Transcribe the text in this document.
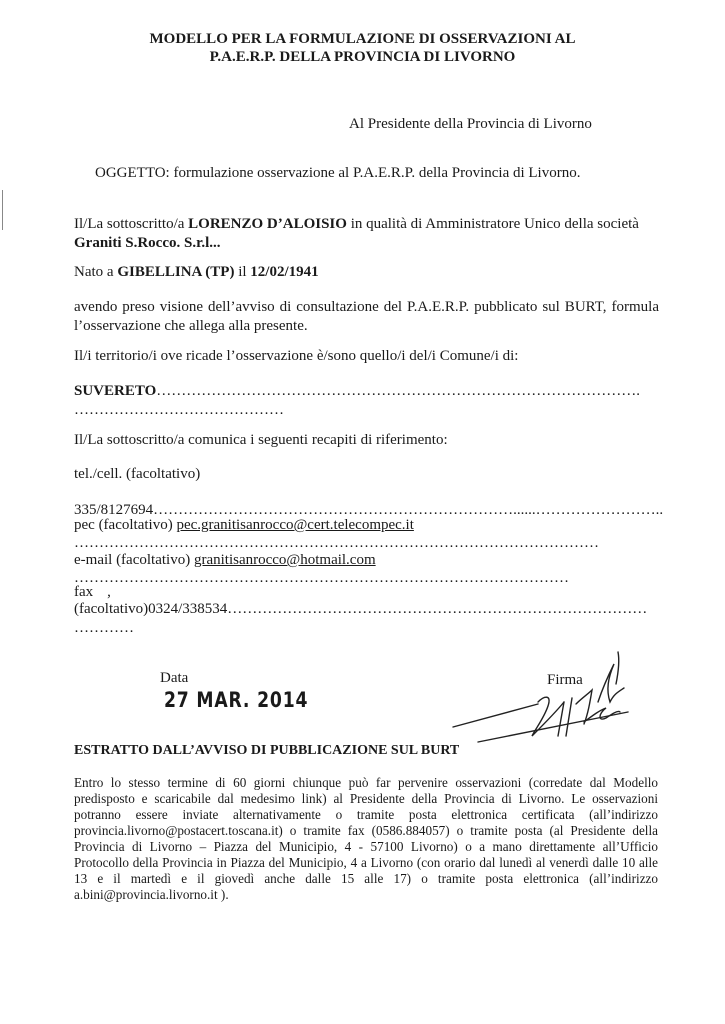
MODELLO PER LA FORMULAZIONE DI OSSERVAZIONI AL
P.A.E.R.P. DELLA PROVINCIA DI LIVORNO
Al Presidente della Provincia di Livorno
OGGETTO: formulazione osservazione al P.A.E.R.P. della Provincia di Livorno.
Il/La sottoscritto/a LORENZO D’ALOISIO in qualità di Amministratore Unico della società
Graniti S.Rocco. S.r.l...
Nato a GIBELLINA (TP) il 12/02/1941
avendo preso visione dell’avviso di consultazione del P.A.E.R.P. pubblicato sul BURT, formula
l’osservazione che allega alla presente.
Il/i territorio/i ove ricade l’osservazione è/sono quello/i del/i Comune/i di:
SUVERETO…………………………………………………………………………………….
……………………………………
Il/La sottoscritto/a comunica i seguenti recapiti di riferimento:
tel./cell. (facoltativo)
335/8127694………………………………………………………………......……………………..
pec (facoltativo) pec.granitisanrocco@cert.telecompec.it
……………………………………………………………………………………………
e-mail (facoltativo) granitisanrocco@hotmail.com
………………………………………………………………………………………
fax ,
(facoltativo)0324/338534…………………………………………………………………………
…………
Data
27 MAR. 2014
Firma
ESTRATTO DALL’AVVISO DI PUBBLICAZIONE SUL BURT
Entro lo stesso termine di 60 giorni chiunque può far pervenire osservazioni (corredate dal Modello
predisposto e scaricabile dal medesimo link) al Presidente della Provincia di Livorno. Le osservazioni
potranno essere inviate alternativamente o tramite posta elettronica certificata (all’indirizzo
provincia.livorno@postacert.toscana.it) o tramite fax (0586.884057) o tramite posta (al Presidente della
Provincia di Livorno – Piazza del Municipio, 4 - 57100 Livorno) o a mano direttamente all’Ufficio
Protocollo della Provincia in Piazza del Municipio, 4 a Livorno (con orario dal lunedì al venerdì dalle 10 alle
13 e il martedì e il giovedì anche dalle 15 alle 17) o tramite posta elettronica (all’indirizzo
a.bini@provincia.livorno.it ).
